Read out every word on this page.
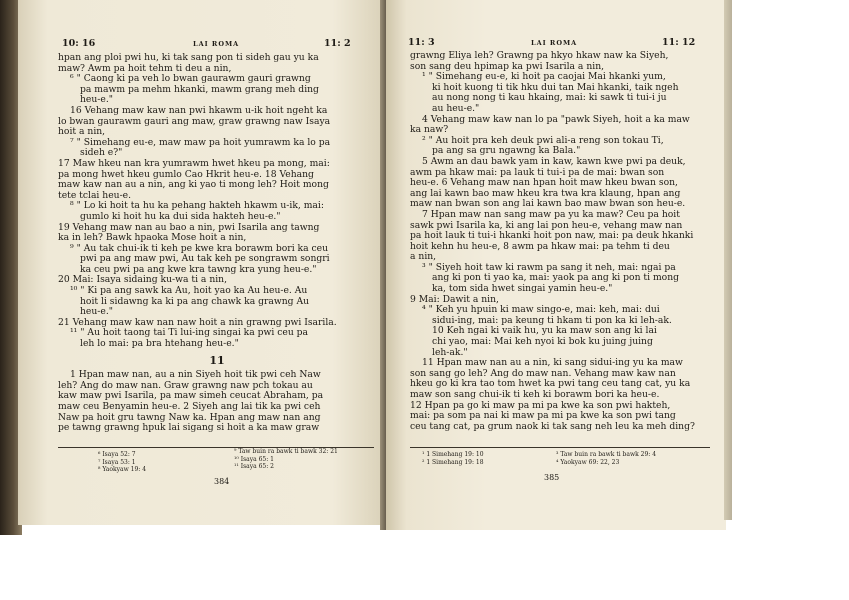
10: 16	LAI ROMA	11: 2

hpan ang ploi pwi hu, ki tak sang pon ti sideh gau yu ka

maw? Awm pa hoit tehm ti deu a nin,

⁶ " Caong ki pa veh lo bwan gaurawm gauri grawng

pa mawm pa mehm hkanki, mawm grang meh ding

heu-e."

16 Vehang maw kaw nan pwi hkawm u-ik hoit ngeht ka

lo bwan gaurawm gauri ang maw, graw grawng naw Isaya

hoit a nin,

⁷ " Simehang eu-e, maw maw pa hoit yumrawm ka lo pa

sideh e?"

17 Maw hkeu nan kra yumrawm hwet hkeu pa mong, mai:

pa mong hwet hkeu gumlo Cao Hkrit heu-e. 18 Vehang

maw kaw nan au a nin, ang ki yao ti mong leh? Hoit mong

tete tclai heu-e.

⁸ " Lo ki hoit ta hu ka pehang hakteh hkawm u-ik, mai:

gumlo ki hoit hu ka dui sida hakteh heu-e."

19 Vehang maw nan au bao a nin, pwi Isarila ang tawng

ka in leh? Bawk hpaoka Mose hoit a nin,

⁹ " Au tak chui-ik ti keh pe kwe kra borawm bori ka ceu

pwi pa ang maw pwi, Au tak keh pe songrawm songri

ka ceu pwi pa ang kwe kra tawng kra yung heu-e."

20 Mai: Isaya sidaing ku-wa ti a nin,

¹⁰ " Ki pa ang sawk ka Au, hoit yao ka Au heu-e. Au

hoit li sidawng ka ki pa ang chawk ka grawng Au

heu-e."

21 Vehang maw kaw nan naw hoit a nin grawng pwi Isarila.

¹¹ " Au hoit taong tai Ti lui-ing singai ka pwi ceu pa

leh lo mai: pa bra htehang heu-e."

11

1 Hpan maw nan, au a nin Siyeh hoit tik pwi ceh Naw

leh? Ang do maw nan. Graw grawng naw pch tokau au

kaw maw pwi Isarila, pa maw simeh ceucat Abraham, pa

maw ceu Benyamin heu-e. 2 Siyeh ang lai tik ka pwi ceh

Naw pa hoit gru tawng Naw ka. Hpan ang maw nan ang

pe tawng grawng hpuk lai sigang si hoit a ka maw graw

⁶ Isaya 52: 7
⁷ Isaya 53: 1
⁸ Yaokyaw 19: 4
⁹ Taw buin ra bawk ti bawk 32: 21
¹⁰ Isaya 65: 1
¹¹ Isaya 65: 2
384
11: 3	LAI ROMA	11: 12

grawng Eliya leh? Grawng pa hkyo hkaw naw ka Siyeh,

son sang deu hpimap ka pwi Isarila a nin,

¹ " Simehang eu-e, ki hoit pa caojai Mai hkanki yum,

ki hoit kuong ti tik hku dui tan Mai hkanki, taik ngeh

au nong nong ti kau hkaing, mai: ki sawk ti tui-i ju

au heu-e."

4 Vehang maw kaw nan lo pa "pawk Siyeh, hoit a ka maw

ka naw?

² " Au hoit pra keh deuk pwi ali-a reng son tokau Ti,

pa ang sa gru ngawng ka Bala."

5 Awm an dau bawk yam in kaw, kawn kwe pwi pa deuk,

awm pa hkaw mai: pa lauk ti tui-i pa de mai: bwan son

heu-e. 6 Vehang maw nan hpan hoit maw hkeu bwan son,

ang lai kawn bao maw hkeu kra twa kra klaung, hpan ang

maw nan bwan son ang lai kawn bao maw bwan son heu-e.

7 Hpan maw nan sang maw pa yu ka maw? Ceu pa hoit

sawk pwi Isarila ka, ki ang lai pon heu-e, vehang maw nan

pa hoit lauk ti tui-i hkanki hoit pon naw, mai: pa deuk hkanki

hoit kehn hu heu-e, 8 awm pa hkaw mai: pa tehm ti deu

a nin,

³ " Siyeh hoit taw ki rawm pa sang it neh, mai: ngai pa

ang ki pon ti yao ka, mai: yaok pa ang ki pon ti mong

ka, tom sida hwet singai yamin heu-e."

9 Mai: Dawit a nin,

⁴ " Keh yu hpuin ki maw singo-e, mai: keh, mai: dui

sidui-ing, mai: pa keung ti hkam ti pon ka ki leh-ak.

10 Keh ngai ki vaik hu, yu ka maw son ang ki lai

chi yao, mai: Mai keh nyoi ki bok ku juing juing

leh-ak."

11 Hpan maw nan au a nin, ki sang sidui-ing yu ka maw

son sang go leh? Ang do maw nan. Vehang maw kaw nan

hkeu go ki kra tao tom hwet ka pwi tang ceu tang cat, yu ka

maw son sang chui-ik ti keh ki borawm bori ka heu-e.

12 Hpan pa go ki maw pa mi pa kwe ka son pwi hakteh,

mai: pa som pa nai ki maw pa mi pa kwe ka son pwi tang

ceu tang cat, pa grum naok ki tak sang neh leu ka meh ding?

¹ 1 Simehang 19: 10
² 1 Simehang 19: 18
³ Taw buin ra bawk ti bawk 29: 4
⁴ Yaokyaw 69: 22, 23
385
